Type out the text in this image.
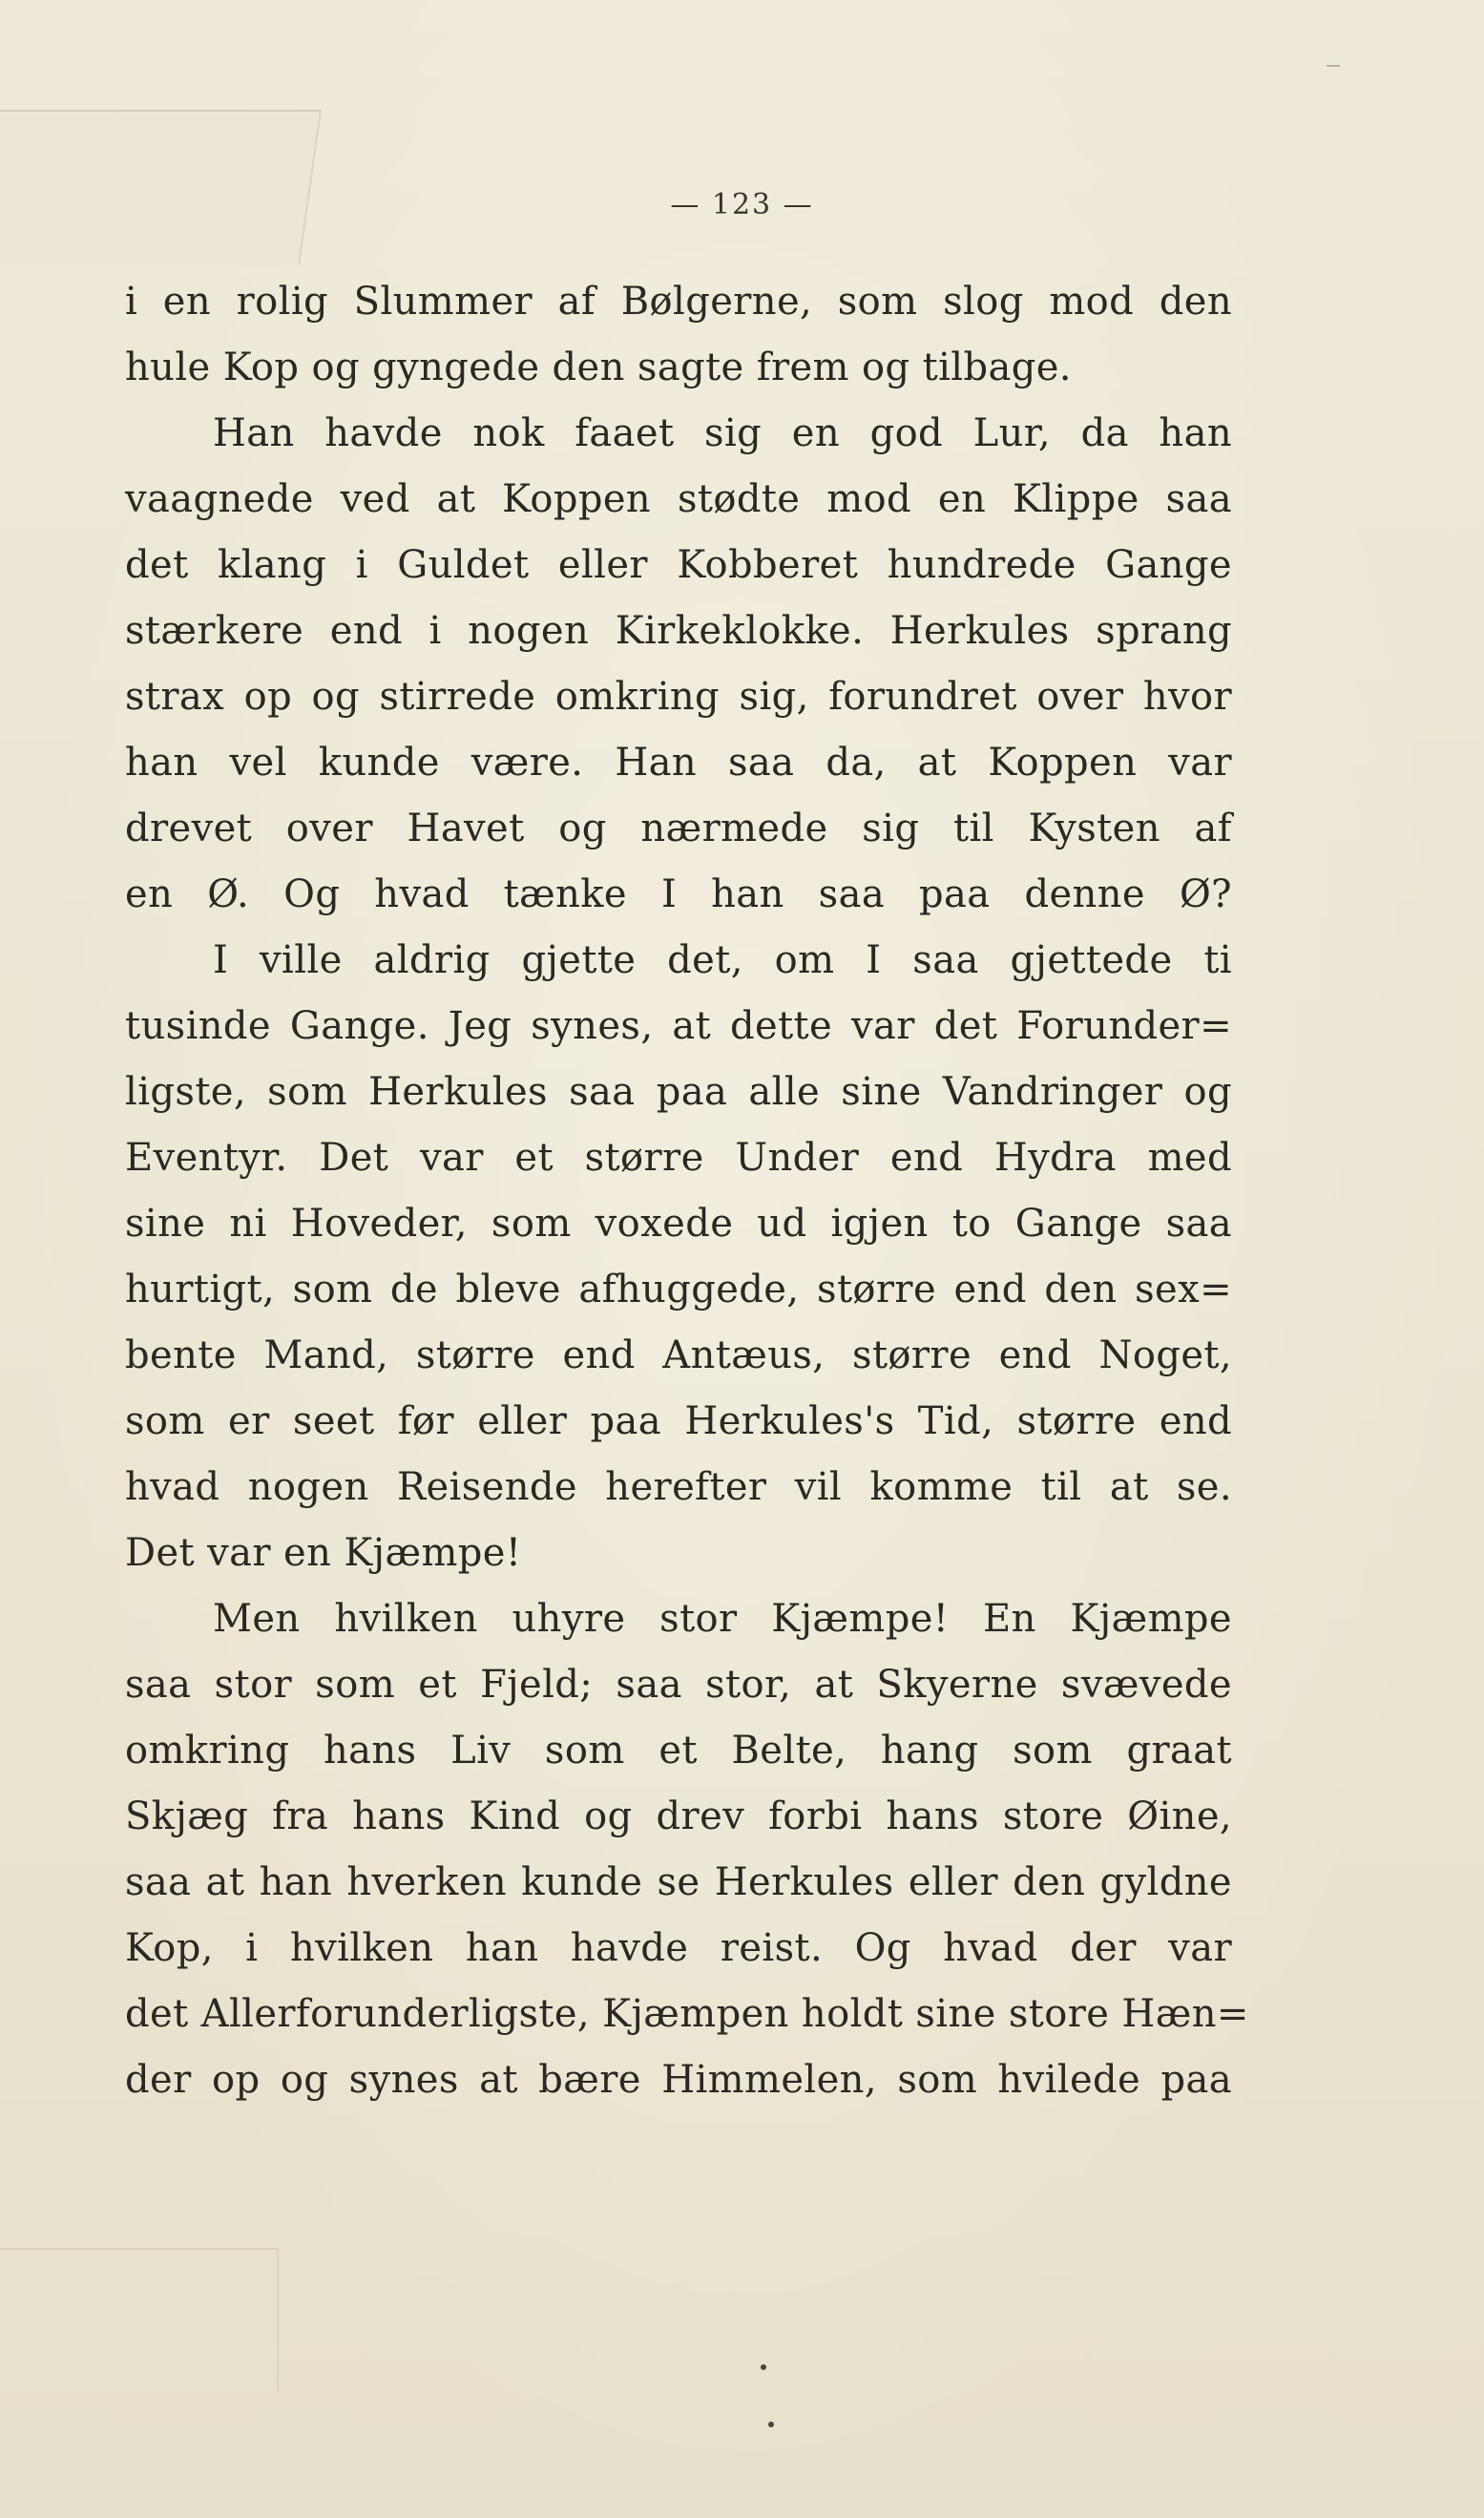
— 123 —
i en rolig Slummer af Bølgerne, som slog mod den
hule Kop og gyngede den sagte frem og tilbage.
Han havde nok faaet sig en god Lur, da han
vaagnede ved at Koppen stødte mod en Klippe saa
det klang i Guldet eller Kobberet hundrede Gange
stærkere end i nogen Kirkeklokke. Herkules sprang
strax op og stirrede omkring sig, forundret over hvor
han vel kunde være. Han saa da, at Koppen var
drevet over Havet og nærmede sig til Kysten af
en Ø. Og hvad tænke I han saa paa denne Ø?
I ville aldrig gjette det, om I saa gjettede ti
tusinde Gange. Jeg synes, at dette var det Forunder=
ligste, som Herkules saa paa alle sine Vandringer og
Eventyr. Det var et større Under end Hydra med
sine ni Hoveder, som voxede ud igjen to Gange saa
hurtigt, som de bleve afhuggede, større end den sex=
bente Mand, større end Antæus, større end Noget,
som er seet før eller paa Herkules's Tid, større end
hvad nogen Reisende herefter vil komme til at se.
Det var en Kjæmpe!
Men hvilken uhyre stor Kjæmpe! En Kjæmpe
saa stor som et Fjeld; saa stor, at Skyerne svævede
omkring hans Liv som et Belte, hang som graat
Skjæg fra hans Kind og drev forbi hans store Øine,
saa at han hverken kunde se Herkules eller den gyldne
Kop, i hvilken han havde reist. Og hvad der var
det Allerforunderligste, Kjæmpen holdt sine store Hæn=
der op og synes at bære Himmelen, som hvilede paa
